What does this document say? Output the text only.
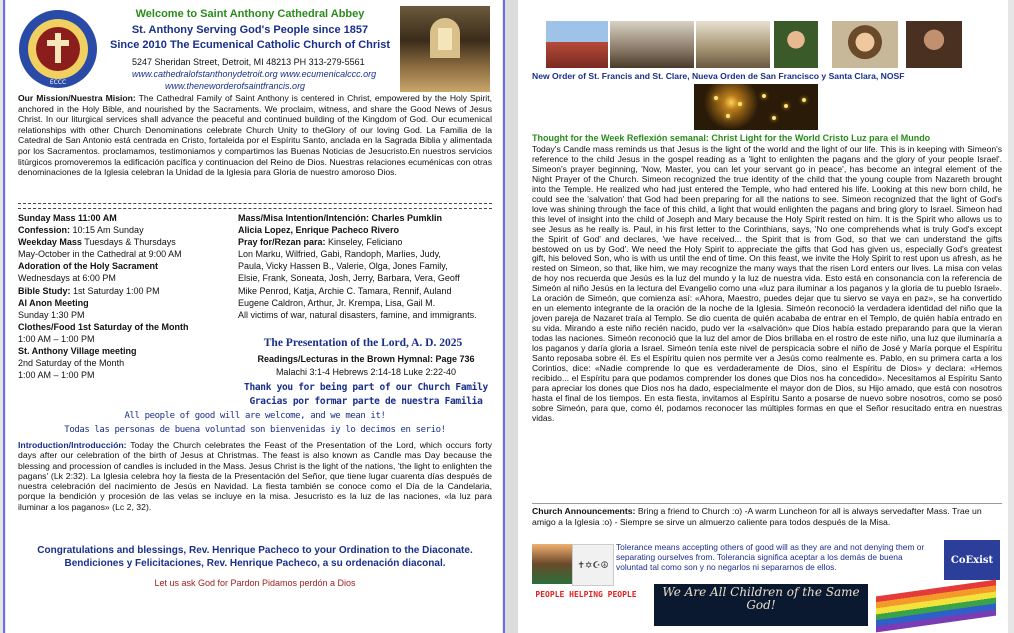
ECCC
Welcome to Saint Anthony Cathedral Abbey
St. Anthony Serving God's People since 1857
Since 2010 The Ecumenical Catholic Church of Christ
5247 Sheridan Street, Detroit, MI 48213 PH 313-279-5561
www.cathedralofstanthonydetroit.org www.ecumenicalccc.org
www.theneworderofsaintfrancis.org
Our Mission/Nuestra Mision: The Cathedral Family of Saint Anthony is centered in Christ, empowered by the Holy Spirit, anchored in the Holy Bible, and nourished by the Sacraments. We proclaim, witness, and share the Good News of Jesus Christ. In our liturgical services shall advance the peaceful and continued building of the Kingdom of God. Our ecumenical relationships with other Church Denominations celebrate Church Unity to theGlory of our loving God. La Familia de la Catedral de San Antonio está centrada en Cristo, fortaleida por el Espíritu Santo, anclada en la Sagrada Biblia y alimentada por los Sacramentos. proclamamos, testimoniamos y compartimos las Buenas Noticias de Jesucristo.En nuestros servicios litúrgicos promoveremos la edificación pacífica y continuacion del Reino de Dios. Nuestras relaciones ecuménicas con otras denominaciones de la Iglesia celebran la Unidad de la Iglesia para Gloria de nuestro amoroso Dios.
Sunday Mass 11:00 AM
Confession: 10:15 Am Sunday
Weekday Mass Tuesdays & Thursdays
May-October in the Cathedral at 9:00 AM
Adoration of the Holy Sacrament
Wednesdays at 6:00 PM
Bible Study: 1st Saturday 1:00 PM
Al Anon Meeting
Sunday 1:30 PM
Clothes/Food 1st Saturday of the Month
1:00 AM – 1:00 PM
St. Anthony Village meeting
2nd Saturday of the Month
1:00 AM – 1:00 PM
Mass/Misa Intention/Intención: Charles Pumklin
Alicia Lopez, Enrique Pacheco Rivero
Pray for/Rezan para: Kinseley, Feliciano
Lon Marku, Wilfried, Gabi, Randoph, Marlies, Judy,
Paula, Vicky Hassen B., Valerie, Olga, Jones Family,
Elsie, Frank, Soneata, Josh, Jerry, Barbara, Vera, Geoff
Mike Penrod, Katja, Archie C. Tamara, Rennif, Auland
Eugene Caldron, Arthur, Jr. Krempa, Lisa, Gail M.
All victims of war, natural disasters, famine, and immigrants.
The Presentation of the Lord, A. D. 2025
Readings/Lecturas in the Brown Hymnal: Page 736
Malachi 3:1-4 Hebrews 2:14-18 Luke 2:22-40
Thank you for being part of our Church Family
Gracias por formar parte de nuestra Familia
All people of good will are welcome, and we mean it!
Todas las personas de buena voluntad son bienvenidas iy lo decimos en serio!
Introduction/Introducción: Today the Church celebrates the Feast of the Presentation of the Lord, which occurs forty days after our celebration of the birth of Jesus at Christmas. The feast is also known as Candle mas Day because the blessing and procession of candles is included in the Mass. Jesus Christ is the light of the nations, 'the light to enlighten the pagans' (Lk 2:32). La Iglesia celebra hoy la fiesta de la Presentación del Señor, que tiene lugar cuarenta días después de nuestra celebración del nacimiento de Jesús en Navidad. La fiesta también se conoce como el Día de la Candelaria, porque la bendición y procesión de las velas se incluye en la misa. Jesucristo es la luz de las naciones, «la luz para iluminar a los paganos» (Lc 2, 32).
Congratulations and blessings, Rev. Henrique Pacheco to your Ordination to the Diaconate.
Bendiciones y Felicitaciones, Rev. Henrique Pacheco, a su ordenación diaconal.
Let us ask God for Pardon Pidamos perdón a Dios
New Order of St. Francis and St. Clare, Nueva Orden de San Francisco y Santa Clara, NOSF
Thought for the Week Reflexión semanal: Christ Light for the World Cristo Luz para el Mundo
Today's Candle mass reminds us that Jesus is the light of the world and the light of our life. This is in keeping with Simeon's reference to the child Jesus in the gospel reading as a 'light to enlighten the pagans and the glory of your people Israel'. Simeon's prayer beginning, 'Now, Master, you can let your servant go in peace', has become an integral element of the Night Prayer of the Church. Simeon recognized the true identity of the child that the young couple from Nazareth brought into the Temple. He realized who had just entered the Temple, who had entered his life. Looking at this new born child, he could see the 'salvation' that God had been preparing for all the nations to see. Simeon recognized that the light of God's love was shining through the face of this child, a light that would enlighten the pagans and bring glory to Israel. Simeon had this level of insight into the child of Joseph and Mary because the Holy Spirit rested on him. It is the Spirit who allows us to see Jesus as he really is. Paul, in his first letter to the Corinthians, says, 'No one comprehends what is truly God's except the Spirit of God' and declares, 'we have received... the Spirit that is from God, so that we can understand the gifts bestowed on us by God'. We need the Holy Spirit to appreciate the gifts that God has given us, especially God's greatest gift, his beloved Son, who is with us until the end of time. On this feast, we invite the Holy Spirit to rest upon us afresh, as he rested on Simeon, so that, like him, we may recognize the many ways that the risen Lord enters our lives. La misa con velas de hoy nos recuerda que Jesús es la luz del mundo y la luz de nuestra vida. Esto está en consonancia con la referencia de Simeón al niño Jesús en la lectura del Evangelio como una «luz para iluminar a los paganos y la gloria de tu pueblo Israel». La oración de Simeón, que comienza así: «Ahora, Maestro, puedes dejar que tu siervo se vaya en paz», se ha convertido en un elemento integrante de la oración de la noche de la Iglesia. Simeón reconoció la verdadera identidad del niño que la joven pareja de Nazaret traía al Templo. Se dio cuenta de quién acababa de entrar en el Templo, de quién había entrado en su vida. Mirando a este niño recién nacido, pudo ver la «salvación» que Dios había estado preparando para que la vieran todas las naciones. Simeón reconoció que la luz del amor de Dios brillaba en el rostro de este niño, una luz que iluminaría a los paganos y daría gloria a Israel. Simeón tenía este nivel de perspicacia sobre el niño de José y María porque el Espíritu Santo reposaba sobre él. Es el Espíritu quien nos permite ver a Jesús como realmente es. Pablo, en su primera carta a los Corintios, dice: «Nadie comprende lo que es verdaderamente de Dios, sino el Espíritu de Dios» y declara: «Hemos recibido... el Espíritu para que podamos comprender los dones que Dios nos ha concedido». Necesitamos al Espíritu Santo para apreciar los dones que Dios nos ha dado, especialmente el mayor don de Dios, su Hijo amado, que está con nosotros hasta el final de los tiempos. En esta fiesta, invitamos al Espíritu Santo a posarse de nuevo sobre nosotros, como se posó sobre Simeón, para que, como él, podamos reconocer las múltiples formas en que el Señor resucitado entra en nuestras vidas.
Church Announcements: Bring a friend to Church :o) -A warm Luncheon for all is always servedafter Mass. Trae un amigo a la Iglesia :o) - Siempre se sirve un almuerzo caliente para todos después de la Misa.
✝ ✡ ☪ ☮
Tolerance means accepting others of good will as they are and not denying them or separating ourselves from. Tolerancia significa aceptar a los demás de buena voluntad tal como son y no negarlos ni separarnos de ellos.
CoExist
PEOPLE HELPING PEOPLE	We Are All Children of the Same God!
